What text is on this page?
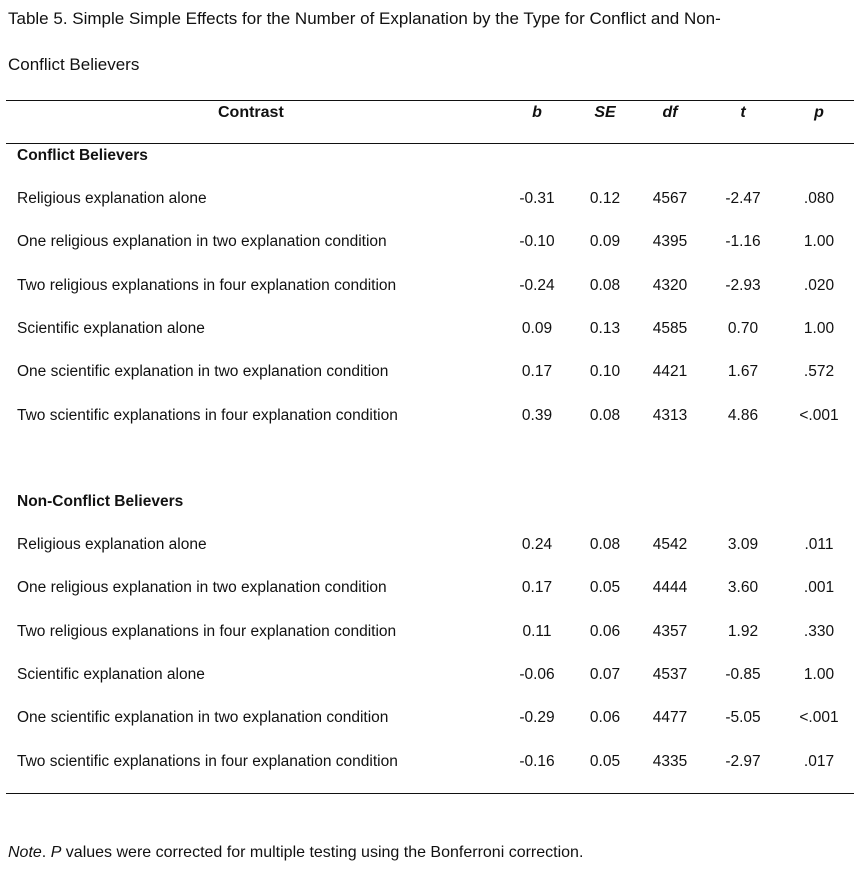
Table 5. Simple Simple Effects for the Number of Explanation by the Type for Conflict and Non-
Conflict Believers
Contrast	b	SE	df	t	p
Conflict Believers
Religious explanation alone	-0.31	0.12	4567	-2.47	.080
One religious explanation in two explanation condition	-0.10	0.09	4395	-1.16	1.00
Two religious explanations in four explanation condition	-0.24	0.08	4320	-2.93	.020
Scientific explanation alone	0.09	0.13	4585	0.70	1.00
One scientific explanation in two explanation condition	0.17	0.10	4421	1.67	.572
Two scientific explanations in four explanation condition	0.39	0.08	4313	4.86	<.001
Non-Conflict Believers
Religious explanation alone	0.24	0.08	4542	3.09	.011
One religious explanation in two explanation condition	0.17	0.05	4444	3.60	.001
Two religious explanations in four explanation condition	0.11	0.06	4357	1.92	.330
Scientific explanation alone	-0.06	0.07	4537	-0.85	1.00
One scientific explanation in two explanation condition	-0.29	0.06	4477	-5.05	<.001
Two scientific explanations in four explanation condition	-0.16	0.05	4335	-2.97	.017
Note. P values were corrected for multiple testing using the Bonferroni correction.
